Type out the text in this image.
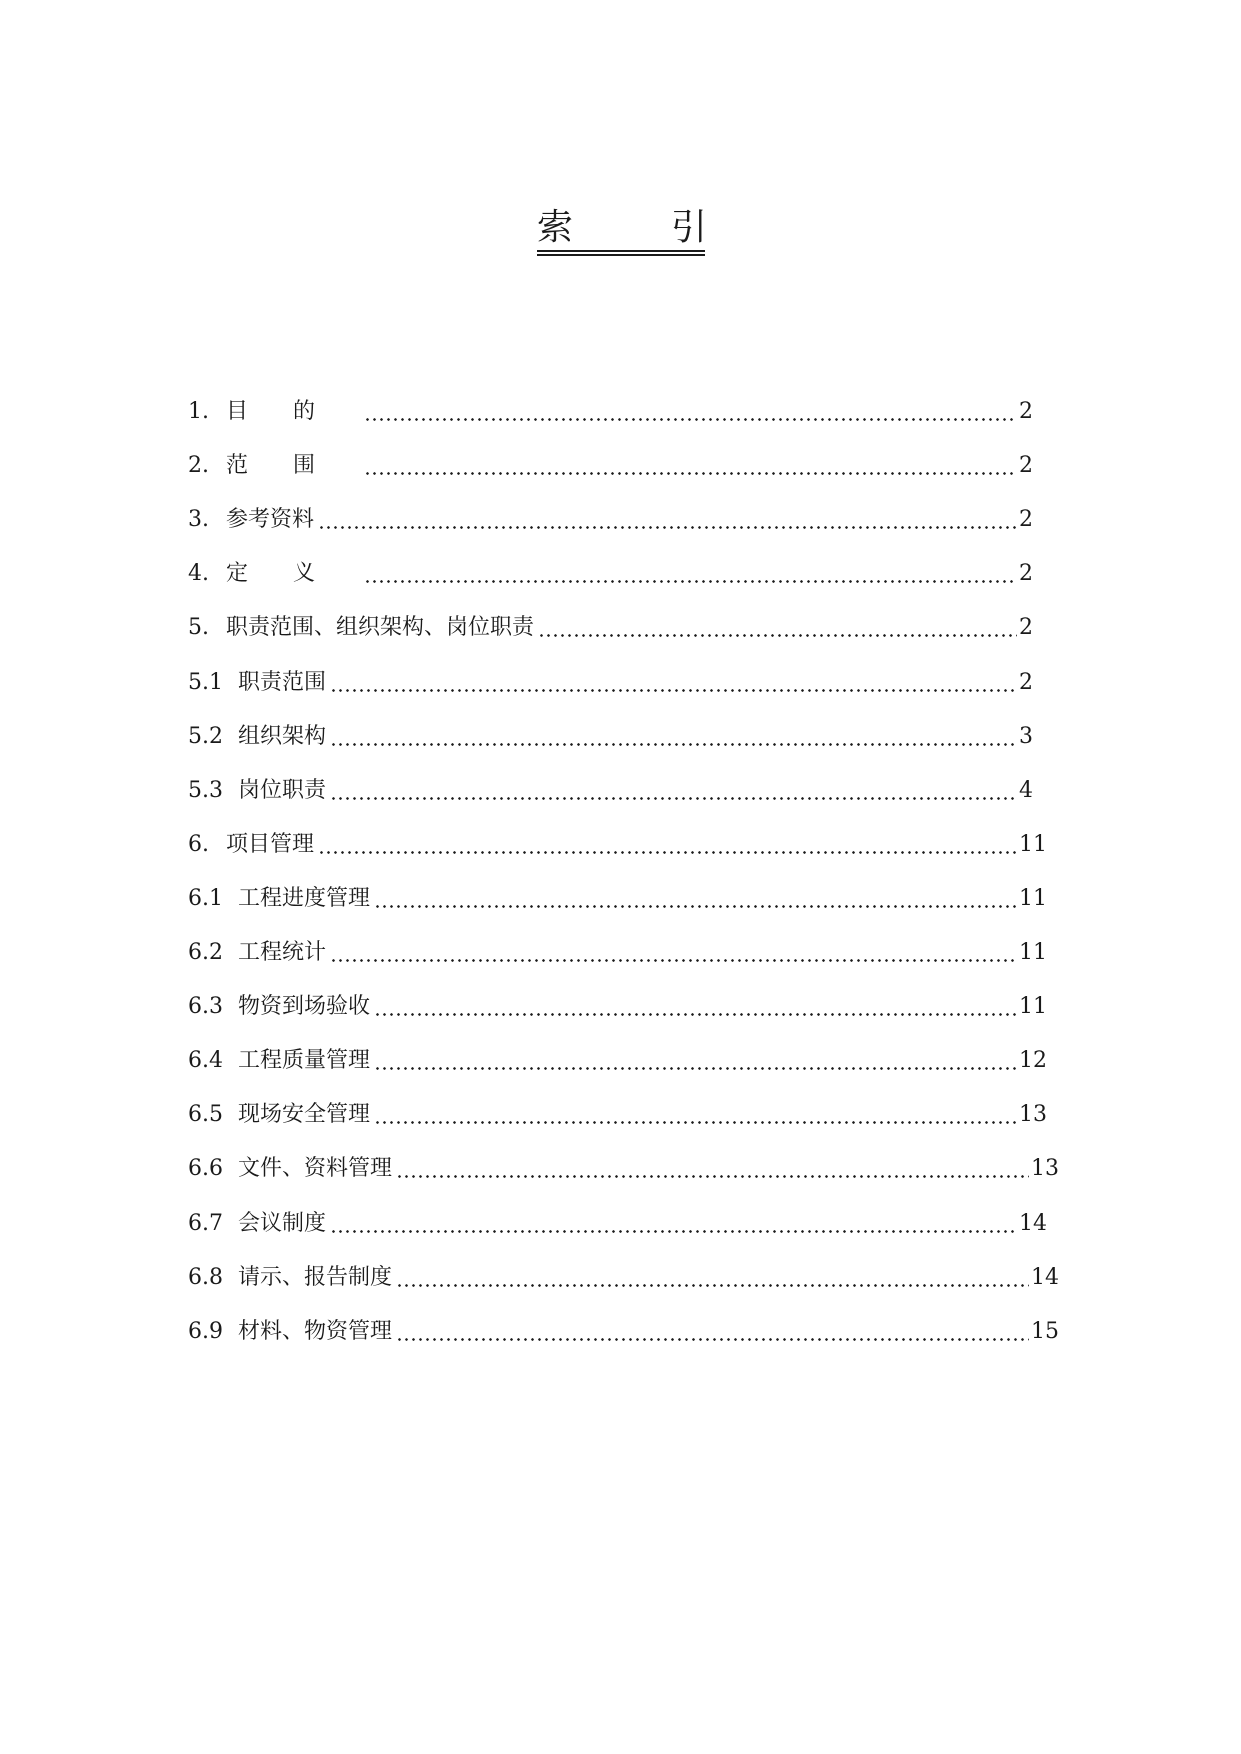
索	引
1. 目的	2
2. 范围	2
3. 参考资料	2
4. 定义	2
5. 职责范围、组织架构、岗位职责	2
5.1 职责范围	2
5.2 组织架构	3
5.3 岗位职责	4
6. 项目管理	11
6.1 工程进度管理	11
6.2 工程统计	11
6.3 物资到场验收	11
6.4 工程质量管理	12
6.5 现场安全管理	13
6.6 文件、资料管理	13
6.7 会议制度	14
6.8 请示、报告制度	14
6.9 材料、物资管理	15
